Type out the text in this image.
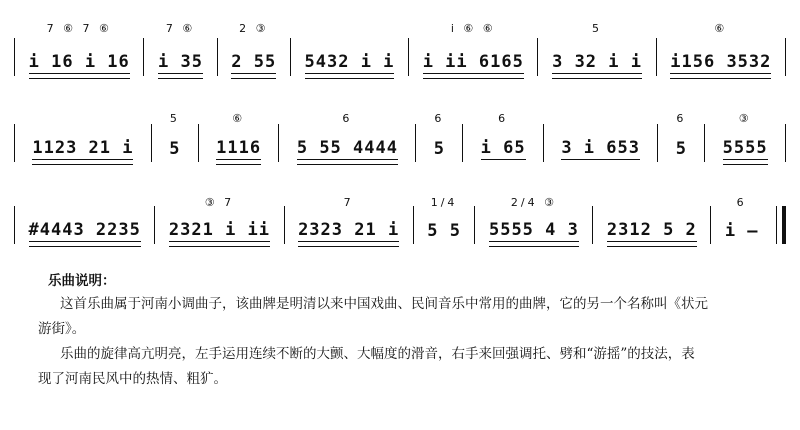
7 ⑥ 7 ⑥
i 16 i 16
7 ⑥
i 35
2 ③
2 55 5432 i i
i ⑥ ⑥
i ii 6165
5
3 32 i i
⑥
i156 3532
1123 21 i
5
5
⑥
1116
6
5 55 4444
6
5
6
i 65 3 i 653
6
5
③
5555
#4443 2235
③ 7
2321 i ii
7
2323 21 i
1/4
5 5
2/4 ③
5555 4 3 2312 5 2
6
i –
乐曲说明：

这首乐曲属于河南小调曲子，该曲牌是明清以来中国戏曲、民间音乐中常用的曲牌，它的另一个名称叫《状元

游街》。

乐曲的旋律高亢明亮，左手运用连续不断的大颤、大幅度的滑音，右手来回强调托、劈和“游摇”的技法，表

现了河南民风中的热情、粗犷。
